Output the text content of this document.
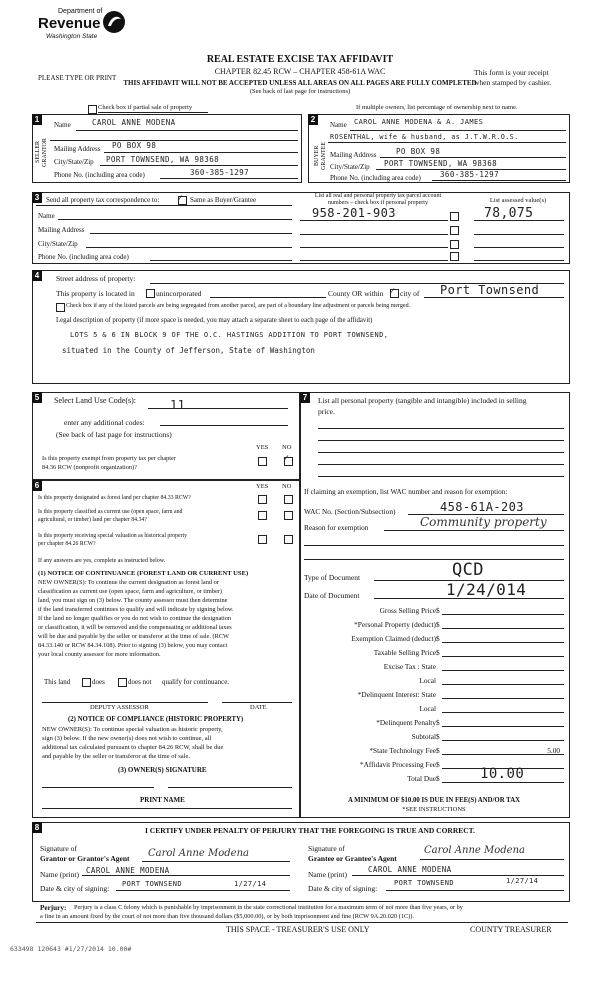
Department of
Revenue
Washington State
PLEASE TYPE OR PRINT
REAL ESTATE EXCISE TAX AFFIDAVIT
CHAPTER 82.45 RCW – CHAPTER 458-61A WAC
THIS AFFIDAVIT WILL NOT BE ACCEPTED UNLESS ALL AREAS ON ALL PAGES ARE FULLY COMPLETED
(See back of last page for instructions)
This form is your receipt
when stamped by cashier.
Check box if partial sale of property	If multiple owners, list percentage of ownership next to name.
1
SELLER GRANTOR
Name	CAROL ANNE MODENA
Mailing Address PO BOX 98
City/State/Zip PORT TOWNSEND, WA 98368
Phone No. (including area code)	360-385-1297
2
BUYER GRANTEE
Name CAROL ANNE MODENA & A. JAMES
ROSENTHAL, wife & husband, as J.T.W.R.O.S.
Mailing Address	PO BOX 98
City/State/Zip PORT TOWNSEND, WA 98368
Phone No. (including area code)	360-385-1297
3 Send all property tax correspondence to: ✓ Same as Buyer/Grantee
Name
Mailing Address
City/State/Zip
Phone No. (including area code)
List all real and personal property tax parcel account
numbers – check box if personal property	List assessed value(s)
958-201-903	78,075
4	Street address of property:
This property is located in	unincorporated	County OR within ✓ city of Port Townsend
Check box if any of the listed parcels are being segregated from another parcel, are part of a boundary line adjustment or parcels being merged.
Legal description of property (if more space is needed, you may attach a separate sheet to each page of the affidavit)
LOTS 5 & 6 IN BLOCK 9 OF THE O.C. HASTINGS ADDITION TO PORT TOWNSEND,
situated in the County of Jefferson, State of Washington
5	Select Land Use Code(s):	11
enter any additional codes:
(See back of last page for instructions)
YES NO
Is this property exempt from property tax per chapter
84.36 RCW (nonprofit organization)?
✓
6	YES NO
Is this property designated as forest land per chapter 84.33 RCW?
Is this property classified as current use (open space, farm and
agricultural, or timber) land per chapter 84.34?
Is this property receiving special valuation as historical property
per chapter 84.26 RCW?
If any answers are yes, complete as instructed below.
(1) NOTICE OF CONTINUANCE (FOREST LAND OR CURRENT USE)
NEW OWNER(S): To continue the current designation as forest land or
classification as current use (open space, farm and agriculture, or timber)
land, you must sign on (3) below. The county assessor must then determine
if the land transferred continues to qualify and will indicate by signing below.
If the land no longer qualifies or you do not wish to continue the designation
or classification, it will be removed and the compensating or additional taxes
will be due and payable by the seller or transferor at the time of sale. (RCW
84.33.140 or RCW 84.34.108). Prior to signing (3) below, you may contact
your local county assessor for more information.
This land	does	does not qualify for continuance.
DEPUTY ASSESSOR	DATE
(2) NOTICE OF COMPLIANCE (HISTORIC PROPERTY)
NEW OWNER(S): To continue special valuation as historic property,
sign (3) below. If the new owner(s) does not wish to continue, all
additional tax calculated pursuant to chapter 84.26 RCW, shall be due
and payable by the seller or transferor at the time of sale.
(3) OWNER(S) SIGNATURE
PRINT NAME
7	List all personal property (tangible and intangible) included in selling
price.
If claiming an exemption, list WAC number and reason for exemption:
WAC No. (Section/Subsection)	458-61A-203
Reason for exemption	Community property
Type of Document	QCD
Date of Document	1/24/014
Gross Selling Price $
*Personal Property (deduct) $
Exemption Claimed (deduct) $
Taxable Selling Price $
Excise Tax : State
Local
*Delinquent Interest: State
Local
*Delinquent Penalty $
Subtotal $
*State Technology Fee $	5.00
*Affidavit Processing Fee $
Total Due $	10.00
A MINIMUM OF $10.00 IS DUE IN FEE(S) AND/OR TAX
*SEE INSTRUCTIONS
8	I CERTIFY UNDER PENALTY OF PERJURY THAT THE FOREGOING IS TRUE AND CORRECT.
Signature of
Grantor or Grantor's Agent Carol Anne Modena
Name (print) CAROL ANNE MODENA
Date & city of signing: PORT TOWNSEND	1/27/14
Signature of
Grantee or Grantee's Agent
Carol Anne Modena
Name (print)
CAROL ANNE MODENA
Date & city of signing:
PORT TOWNSEND	1/27/14
Perjury: Perjury is a class C felony which is punishable by imprisonment in the state correctional institution for a maximum term of not more than five years, or by
a fine in an amount fixed by the court of not more than five thousand dollars ($5,000.00), or by both imprisonment and fine (RCW 9A.20.020 (1C)).
THIS SPACE - TREASURER'S USE ONLY	COUNTY TREASURER
633498 120643 #1/27/2014 10.00#
